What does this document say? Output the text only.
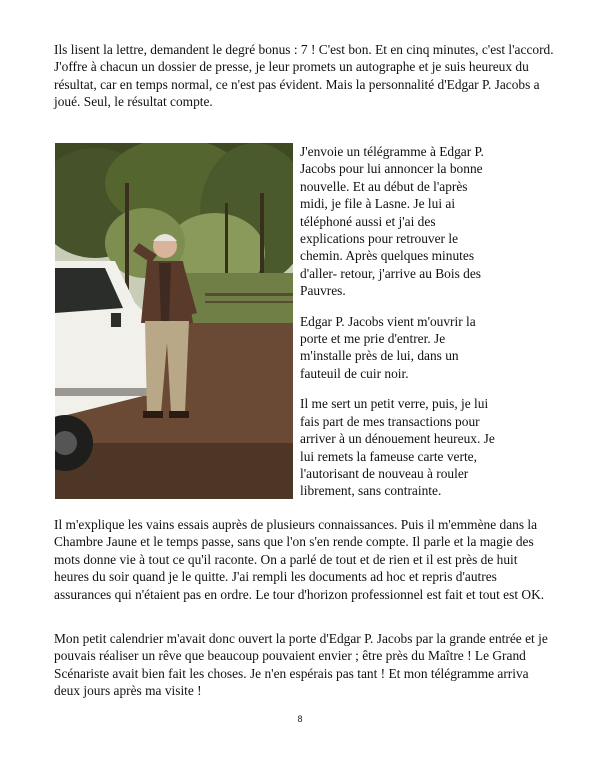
Ils lisent la lettre, demandent le degré bonus : 7 ! C'est bon. Et en cinq minutes, c'est l'accord. J'offre à chacun un dossier de presse, je leur promets un autographe et je suis heureux du résultat, car en temps normal, ce n'est pas évident. Mais la personnalité d'Edgar P. Jacobs a joué. Seul, le résultat compte.

J'envoie un télégramme à Edgar P. Jacobs pour lui annoncer la bonne nouvelle. Et au début de l'après midi, je file à Lasne. Je lui ai téléphoné aussi et j'ai des explications pour retrouver le chemin. Après quelques minutes d'aller- retour, j'arrive au Bois des Pauvres.

Edgar P. Jacobs vient m'ouvrir la porte et me prie d'entrer. Je m'installe près de lui, dans un fauteuil de cuir noir.

Il me sert un petit verre, puis, je lui fais part de mes transactions pour arriver à un dénouement heureux. Je lui remets la fameuse carte verte, l'autorisant de nouveau à rouler librement, sans contrainte.

Il m'explique les vains essais auprès de plusieurs connaissances. Puis il m'emmène dans la Chambre Jaune et le temps passe, sans que l'on s'en rende compte. Il parle et la magie des mots donne vie à tout ce qu'il raconte. On a parlé de tout et de rien et il est près de huit heures du soir quand je le quitte. J'ai rempli les documents ad hoc et repris d'autres assurances qui n'étaient pas en ordre. Le tour d'horizon professionnel est fait et tout est OK.

Mon petit calendrier m'avait donc ouvert la porte d'Edgar P. Jacobs par la grande entrée et je pouvais réaliser un rêve que beaucoup pouvaient envier ; être près du Maître ! Le Grand Scénariste avait bien fait les choses. Je n'en espérais pas tant ! Et mon télégramme arriva deux jours après ma visite !

8
